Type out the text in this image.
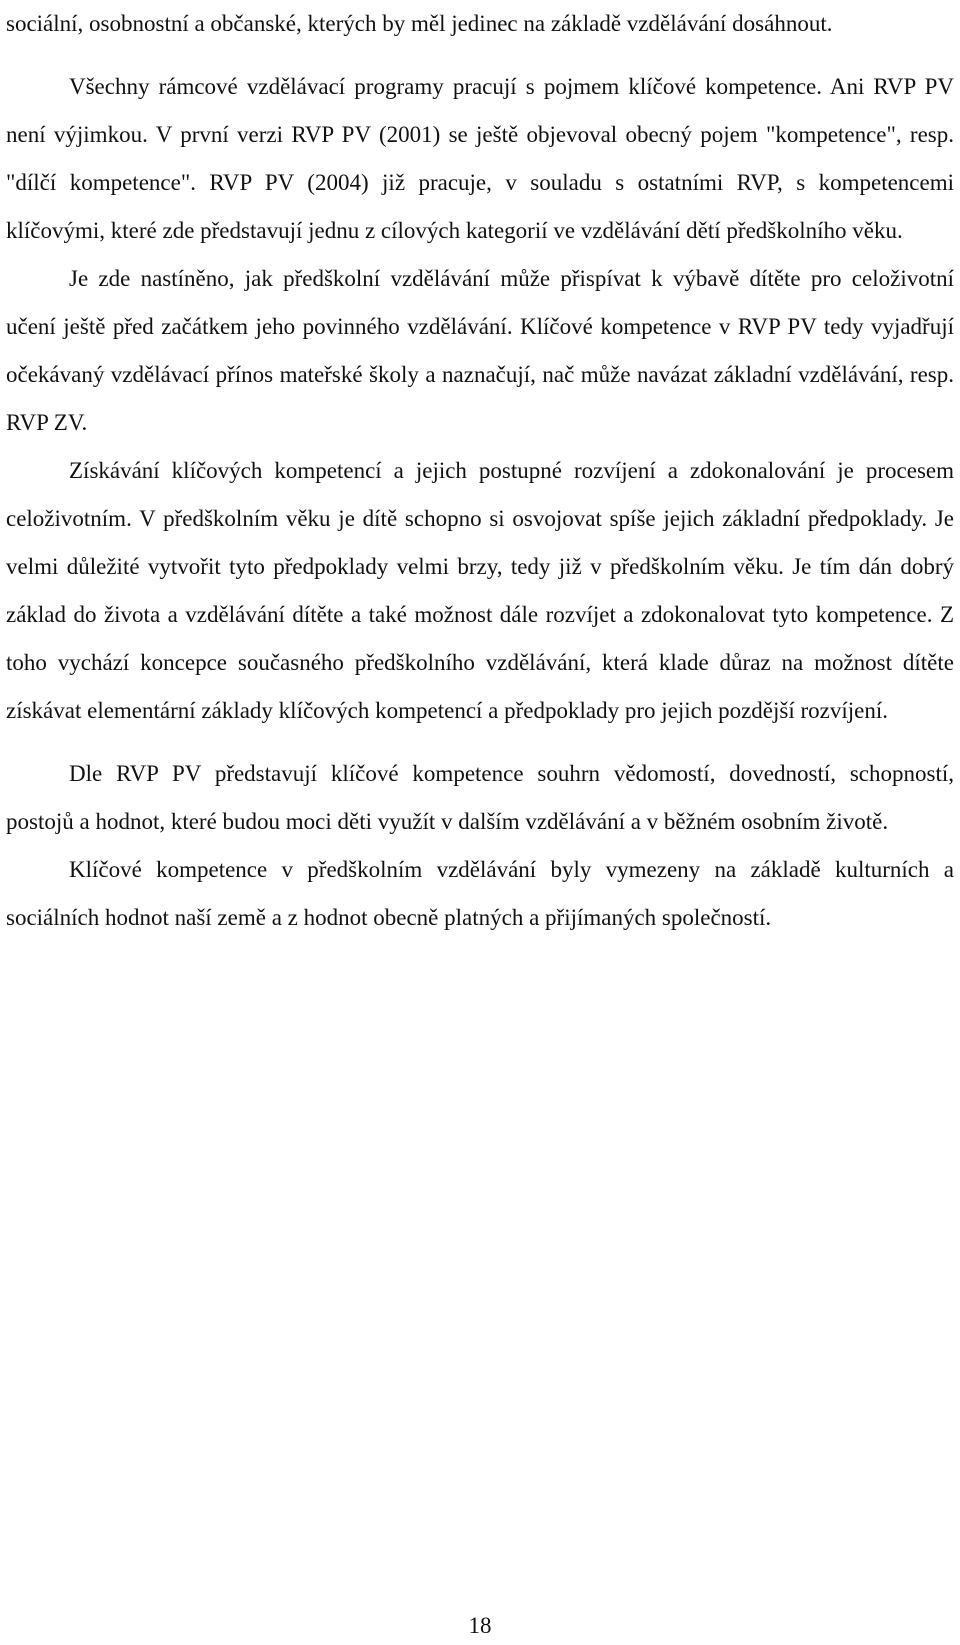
sociální, osobnostní a občanské, kterých by měl jedinec na základě vzdělávání dosáhnout.

Všechny rámcové vzdělávací programy pracují s pojmem klíčové kompetence. Ani RVP PV není výjimkou. V první verzi RVP PV (2001) se ještě objevoval obecný pojem "kompetence", resp. "dílčí kompetence". RVP PV (2004) již pracuje, v souladu s ostatními RVP, s kompetencemi klíčovými, které zde představují jednu z cílových kategorií ve vzdělávání dětí předškolního věku.

Je zde nastíněno, jak předškolní vzdělávání může přispívat k výbavě dítěte pro celoživotní učení ještě před začátkem jeho povinného vzdělávání. Klíčové kompetence v RVP PV tedy vyjadřují očekávaný vzdělávací přínos mateřské školy a naznačují, nač může navázat základní vzdělávání, resp. RVP ZV.

Získávání klíčových kompetencí a jejich postupné rozvíjení a zdokonalování je procesem celoživotním. V předškolním věku je dítě schopno si osvojovat spíše jejich základní předpoklady. Je velmi důležité vytvořit tyto předpoklady velmi brzy, tedy již v předškolním věku. Je tím dán dobrý základ do života a vzdělávání dítěte a také možnost dále rozvíjet a zdokonalovat tyto kompetence. Z toho vychází koncepce současného předškolního vzdělávání, která klade důraz na možnost dítěte získávat elementární základy klíčových kompetencí a předpoklady pro jejich pozdější rozvíjení.

Dle RVP PV představují klíčové kompetence souhrn vědomostí, dovedností, schopností, postojů a hodnot, které budou moci děti využít v dalším vzdělávání a v běžném osobním životě.

Klíčové kompetence v předškolním vzdělávání byly vymezeny na základě kulturních a sociálních hodnot naší země a z hodnot obecně platných a přijímaných společností.

18
